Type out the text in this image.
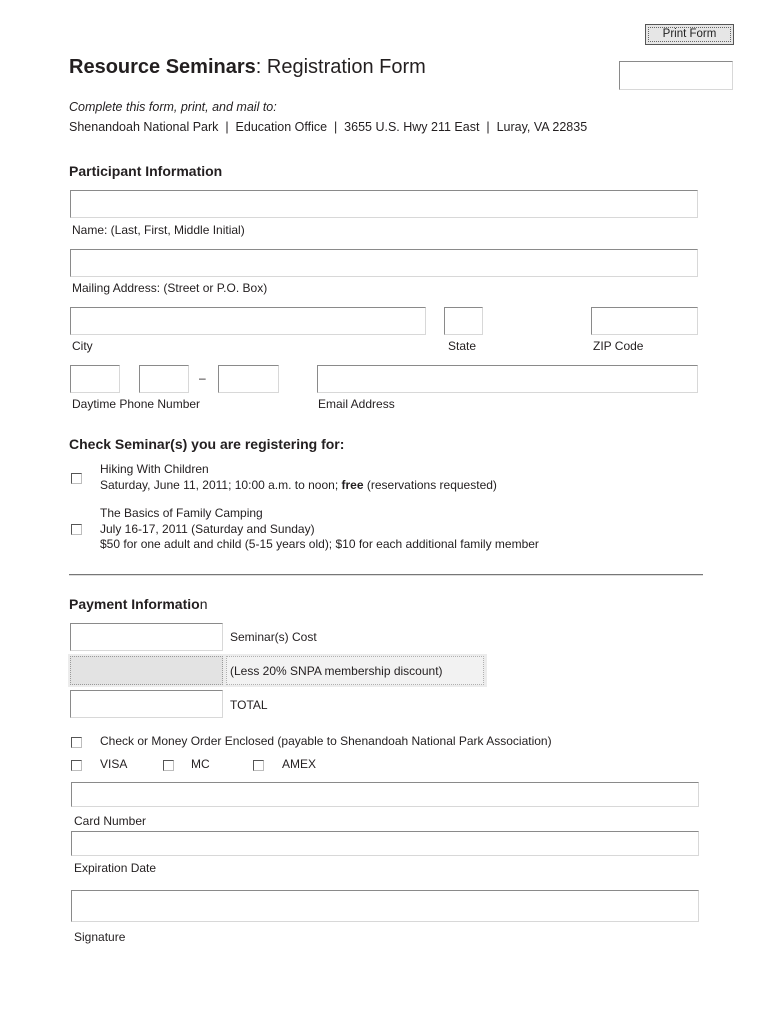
Print Form
Resource Seminars: Registration Form
Complete this form, print, and mail to:
Shenandoah National Park  |  Education Office  |  3655 U.S. Hwy 211 East  |  Luray, VA 22835
Participant Information
Name: (Last, First, Middle Initial)
Mailing Address: (Street or P.O. Box)
City	State	ZIP Code
–
Daytime Phone Number	Email Address
Check Seminar(s) you are registering for:
Hiking With Children
Saturday, June 11, 2011; 10:00 a.m. to noon; free (reservations requested)
The Basics of Family Camping
July 16-17, 2011 (Saturday and Sunday)
$50 for one adult and child (5-15 years old); $10 for each additional family member
Payment Information
Seminar(s) Cost
(Less 20% SNPA membership discount)
TOTAL
Check or Money Order Enclosed (payable to Shenandoah National Park Association)
VISA	MC	AMEX
Card Number
Expiration Date
Signature
